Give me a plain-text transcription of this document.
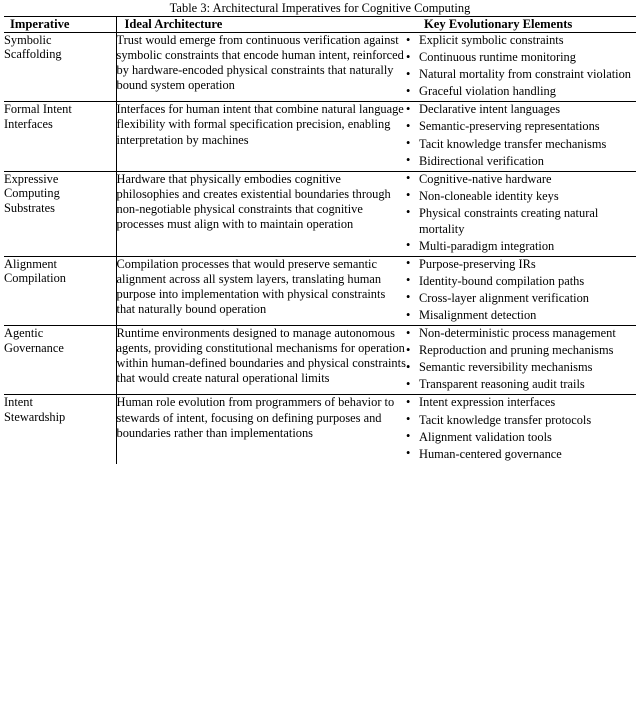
Table 3: Architectural Imperatives for Cognitive Computing
Imperative	Ideal Architecture	Key Evolutionary Elements

Symbolic
Scaffolding
	Trust would emerge from continuous verification against symbolic constraints that encode human intent, reinforced by hardware-encoded physical constraints that naturally bound system operation	
• Explicit symbolic constraints
• Continuous runtime monitoring
• Natural mortality from constraint violation
• Graceful violation handling

Formal Intent
Interfaces
	Interfaces for human intent that combine natural language flexibility with formal specification precision, enabling interpretation by machines	
• Declarative intent languages
• Semantic-preserving representations
• Tacit knowledge transfer mechanisms
• Bidirectional verification

Expressive
Computing
Substrates
	Hardware that physically embodies cognitive philosophies and creates existential boundaries through non-negotiable physical constraints that cognitive processes must align with to maintain operation	
• Cognitive-native hardware
• Non-cloneable identity keys
• Physical constraints creating natural mortality
• Multi-paradigm integration

Alignment
Compilation
	Compilation processes that would preserve semantic alignment across all system layers, translating human purpose into implementation with physical constraints that naturally bound operation	
• Purpose-preserving IRs
• Identity-bound compilation paths
• Cross-layer alignment verification
• Misalignment detection

Agentic
Governance
	Runtime environments designed to manage autonomous agents, providing constitutional mechanisms for operation within human-defined boundaries and physical constraints that would create natural operational limits	
• Non-deterministic process management
• Reproduction and pruning mechanisms
• Semantic reversibility mechanisms
• Transparent reasoning audit trails

Intent
Stewardship
	Human role evolution from programmers of behavior to stewards of intent, focusing on defining purposes and boundaries rather than implementations	
• Intent expression interfaces
• Tacit knowledge transfer protocols
• Alignment validation tools
• Human-centered governance
